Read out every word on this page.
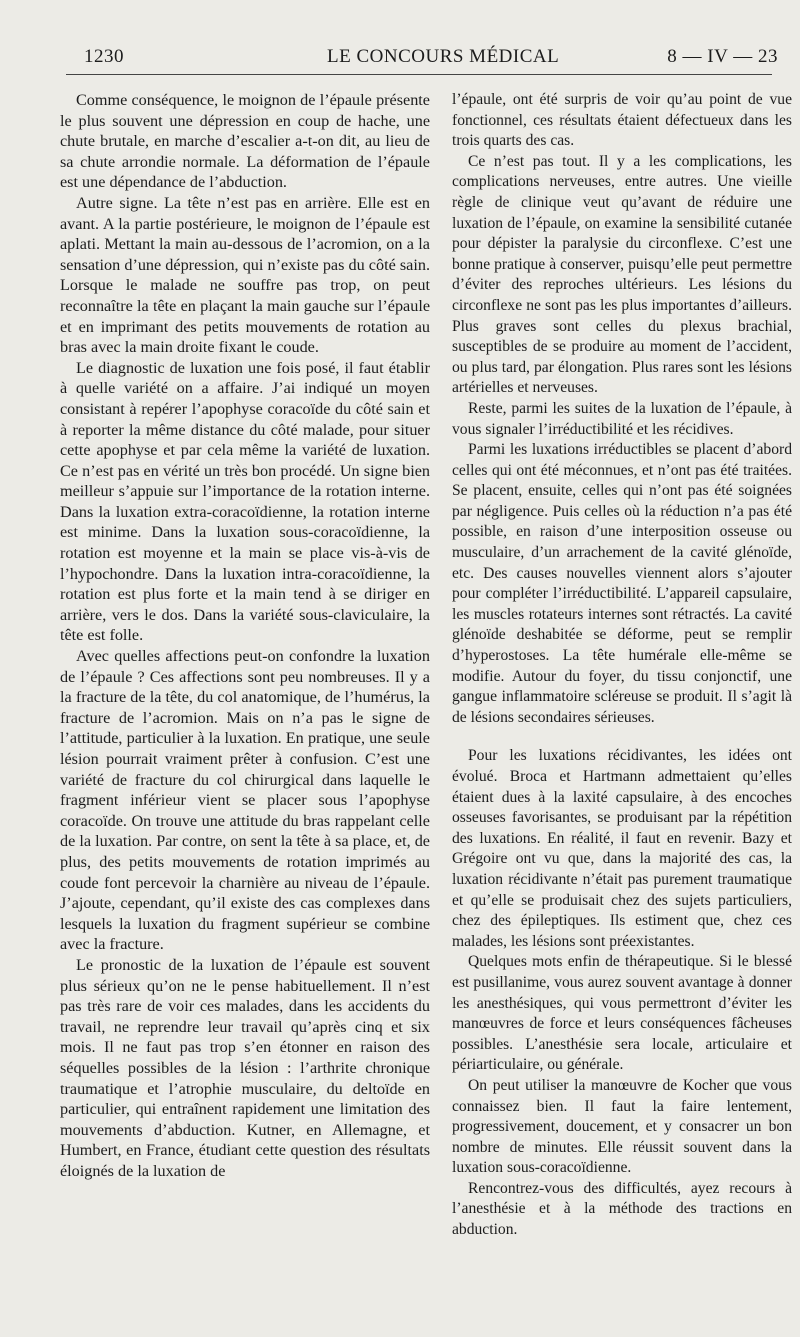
1230	LE CONCOURS MÉDICAL	8 — IV — 23

Comme conséquence, le moignon de l’épaule présente le plus souvent une dépression en coup de hache, une chute brutale, en marche d’escalier a-t-on dit, au lieu de sa chute arrondie normale. La déformation de l’épaule est une dépendance de l’abduction.

Autre signe. La tête n’est pas en arrière. Elle est en avant. A la partie postérieure, le moignon de l’épaule est aplati. Mettant la main au-dessous de l’acromion, on a la sensation d’une dépression, qui n’existe pas du côté sain. Lorsque le malade ne souffre pas trop, on peut reconnaître la tête en plaçant la main gauche sur l’épaule et en imprimant des petits mouvements de rotation au bras avec la main droite fixant le coude.

Le diagnostic de luxation une fois posé, il faut établir à quelle variété on a affaire. J’ai indiqué un moyen consistant à repérer l’apophyse coracoïde du côté sain et à reporter la même distance du côté malade, pour situer cette apophyse et par cela même la variété de luxation. Ce n’est pas en vérité un très bon procédé. Un signe bien meilleur s’appuie sur l’importance de la rotation interne. Dans la luxation extra-coracoïdienne, la rotation interne est minime. Dans la luxation sous-coracoïdienne, la rotation est moyenne et la main se place vis-à-vis de l’hypochondre. Dans la luxation intra-coracoïdienne, la rotation est plus forte et la main tend à se diriger en arrière, vers le dos. Dans la variété sous-claviculaire, la tête est folle.

Avec quelles affections peut-on confondre la luxation de l’épaule ? Ces affections sont peu nombreuses. Il y a la fracture de la tête, du col anatomique, de l’humérus, la fracture de l’acromion. Mais on n’a pas le signe de l’attitude, particulier à la luxation. En pratique, une seule lésion pourrait vraiment prêter à confusion. C’est une variété de fracture du col chirurgical dans laquelle le fragment inférieur vient se placer sous l’apophyse coracoïde. On trouve une attitude du bras rappelant celle de la luxation. Par contre, on sent la tête à sa place, et, de plus, des petits mouvements de rotation imprimés au coude font percevoir la charnière au niveau de l’épaule. J’ajoute, cependant, qu’il existe des cas complexes dans lesquels la luxation du fragment supérieur se combine avec la fracture.

Le pronostic de la luxation de l’épaule est souvent plus sérieux qu’on ne le pense habituellement. Il n’est pas très rare de voir ces malades, dans les accidents du travail, ne reprendre leur travail qu’après cinq et six mois. Il ne faut pas trop s’en étonner en raison des séquelles possibles de la lésion : l’arthrite chronique traumatique et l’atrophie musculaire, du deltoïde en particulier, qui entraînent rapidement une limitation des mouvements d’abduction. Kutner, en Allemagne, et Humbert, en France, étudiant cette question des résultats éloignés de la luxation de

l’épaule, ont été surpris de voir qu’au point de vue fonctionnel, ces résultats étaient défectueux dans les trois quarts des cas.

Ce n’est pas tout. Il y a les complications, les complications nerveuses, entre autres. Une vieille règle de clinique veut qu’avant de réduire une luxation de l’épaule, on examine la sensibilité cutanée pour dépister la paralysie du circonflexe. C’est une bonne pratique à conserver, puisqu’elle peut permettre d’éviter des reproches ultérieurs. Les lésions du circonflexe ne sont pas les plus importantes d’ailleurs. Plus graves sont celles du plexus brachial, susceptibles de se produire au moment de l’accident, ou plus tard, par élongation. Plus rares sont les lésions artérielles et nerveuses.

Reste, parmi les suites de la luxation de l’épaule, à vous signaler l’irréductibilité et les récidives.

Parmi les luxations irréductibles se placent d’abord celles qui ont été méconnues, et n’ont pas été traitées. Se placent, ensuite, celles qui n’ont pas été soignées par négligence. Puis celles où la réduction n’a pas été possible, en raison d’une interposition osseuse ou musculaire, d’un arrachement de la cavité glénoïde, etc. Des causes nouvelles viennent alors s’ajouter pour compléter l’irréductibilité. L’appareil capsulaire, les muscles rotateurs internes sont rétractés. La cavité glénoïde deshabitée se déforme, peut se remplir d’hyperostoses. La tête humérale elle-même se modifie. Autour du foyer, du tissu conjonctif, une gangue inflammatoire scléreuse se produit. Il s’agit là de lésions secondaires sérieuses.

Pour les luxations récidivantes, les idées ont évolué. Broca et Hartmann admettaient qu’elles étaient dues à la laxité capsulaire, à des encoches osseuses favorisantes, se produisant par la répétition des luxations. En réalité, il faut en revenir. Bazy et Grégoire ont vu que, dans la majorité des cas, la luxation récidivante n’était pas purement traumatique et qu’elle se produisait chez des sujets particuliers, chez des épileptiques. Ils estiment que, chez ces malades, les lésions sont préexistantes.

Quelques mots enfin de thérapeutique. Si le blessé est pusillanime, vous aurez souvent avantage à donner les anesthésiques, qui vous permettront d’éviter les manœuvres de force et leurs conséquences fâcheuses possibles. L’anesthésie sera locale, articulaire et périarticulaire, ou générale.

On peut utiliser la manœuvre de Kocher que vous connaissez bien. Il faut la faire lentement, progressivement, doucement, et y consacrer un bon nombre de minutes. Elle réussit souvent dans la luxation sous-coracoïdienne.

Rencontrez-vous des difficultés, ayez recours à l’anesthésie et à la méthode des tractions en abduction.
